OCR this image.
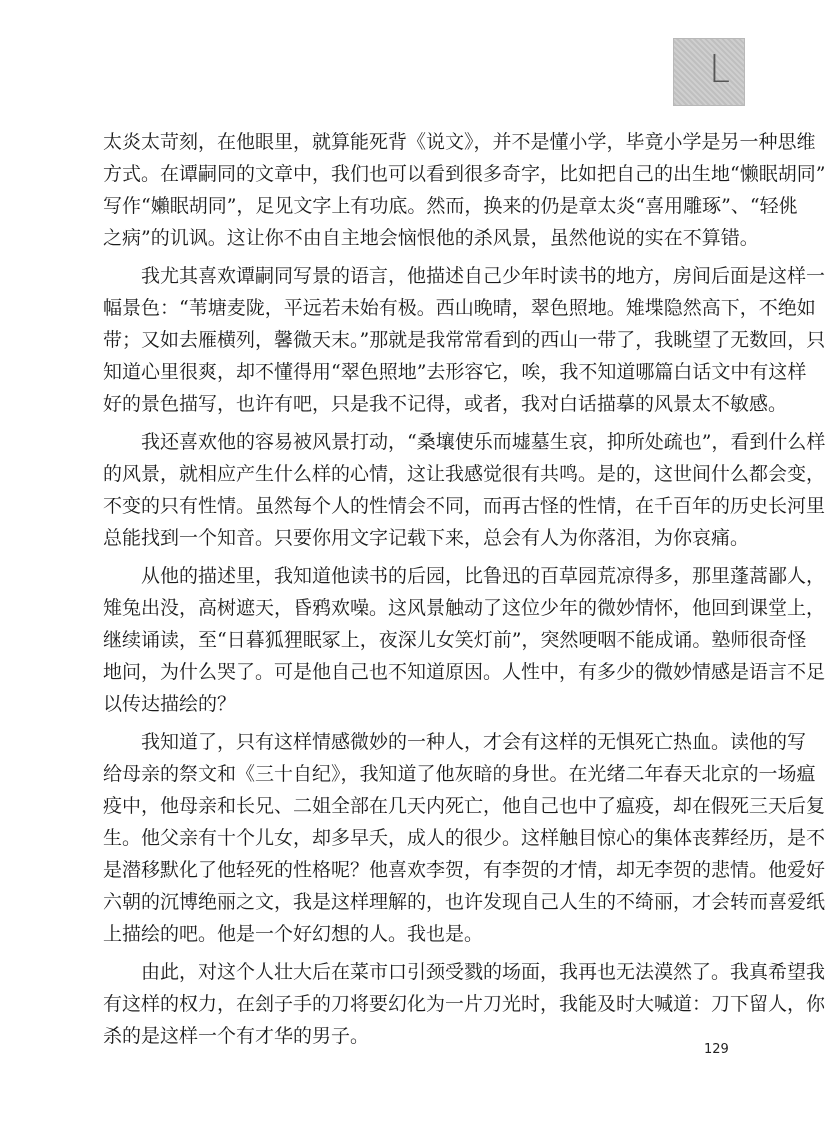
L
太炎太苛刻，在他眼里，就算能死背《说文》，并不是懂小学，毕竟小学是另一种思维
方式。在谭嗣同的文章中，我们也可以看到很多奇字，比如把自己的出生地“懒眠胡同”
写作“嬾眠胡同”，足见文字上有功底。然而，换来的仍是章太炎“喜用雕琢”、“轻佻
之病”的讥讽。这让你不由自主地会恼恨他的杀风景，虽然他说的实在不算错。
我尤其喜欢谭嗣同写景的语言，他描述自己少年时读书的地方，房间后面是这样一
幅景色：“苇塘麦陇，平远若未始有极。西山晚晴，翠色照地。雉堞隐然高下，不绝如
带；又如去雁横列，馨微天末。”那就是我常常看到的西山一带了，我眺望了无数回，只
知道心里很爽，却不懂得用“翠色照地”去形容它，唉，我不知道哪篇白话文中有这样
好的景色描写，也许有吧，只是我不记得，或者，我对白话描摹的风景太不敏感。
我还喜欢他的容易被风景打动，“桑壤使乐而墟墓生哀，抑所处疏也”，看到什么样
的风景，就相应产生什么样的心情，这让我感觉很有共鸣。是的，这世间什么都会变，
不变的只有性情。虽然每个人的性情会不同，而再古怪的性情，在千百年的历史长河里
总能找到一个知音。只要你用文字记载下来，总会有人为你落泪，为你哀痛。
从他的描述里，我知道他读书的后园，比鲁迅的百草园荒凉得多，那里蓬蒿鄙人，
雉兔出没，高树遮天，昏鸦欢噪。这风景触动了这位少年的微妙情怀，他回到课堂上，
继续诵读，至“日暮狐狸眠冢上，夜深儿女笑灯前”，突然哽咽不能成诵。塾师很奇怪
地问，为什么哭了。可是他自己也不知道原因。人性中，有多少的微妙情感是语言不足
以传达描绘的？
我知道了，只有这样情感微妙的一种人，才会有这样的无惧死亡热血。读他的写
给母亲的祭文和《三十自纪》，我知道了他灰暗的身世。在光绪二年春天北京的一场瘟
疫中，他母亲和长兄、二姐全部在几天内死亡，他自己也中了瘟疫，却在假死三天后复
生。他父亲有十个儿女，却多早夭，成人的很少。这样触目惊心的集体丧葬经历，是不
是潜移默化了他轻死的性格呢？他喜欢李贺，有李贺的才情，却无李贺的悲情。他爱好
六朝的沉博绝丽之文，我是这样理解的，也许发现自己人生的不绮丽，才会转而喜爱纸
上描绘的吧。他是一个好幻想的人。我也是。
由此，对这个人壮大后在菜市口引颈受戮的场面，我再也无法漠然了。我真希望我
有这样的权力，在刽子手的刀将要幻化为一片刀光时，我能及时大喊道：刀下留人，你
杀的是这样一个有才华的男子。
129
